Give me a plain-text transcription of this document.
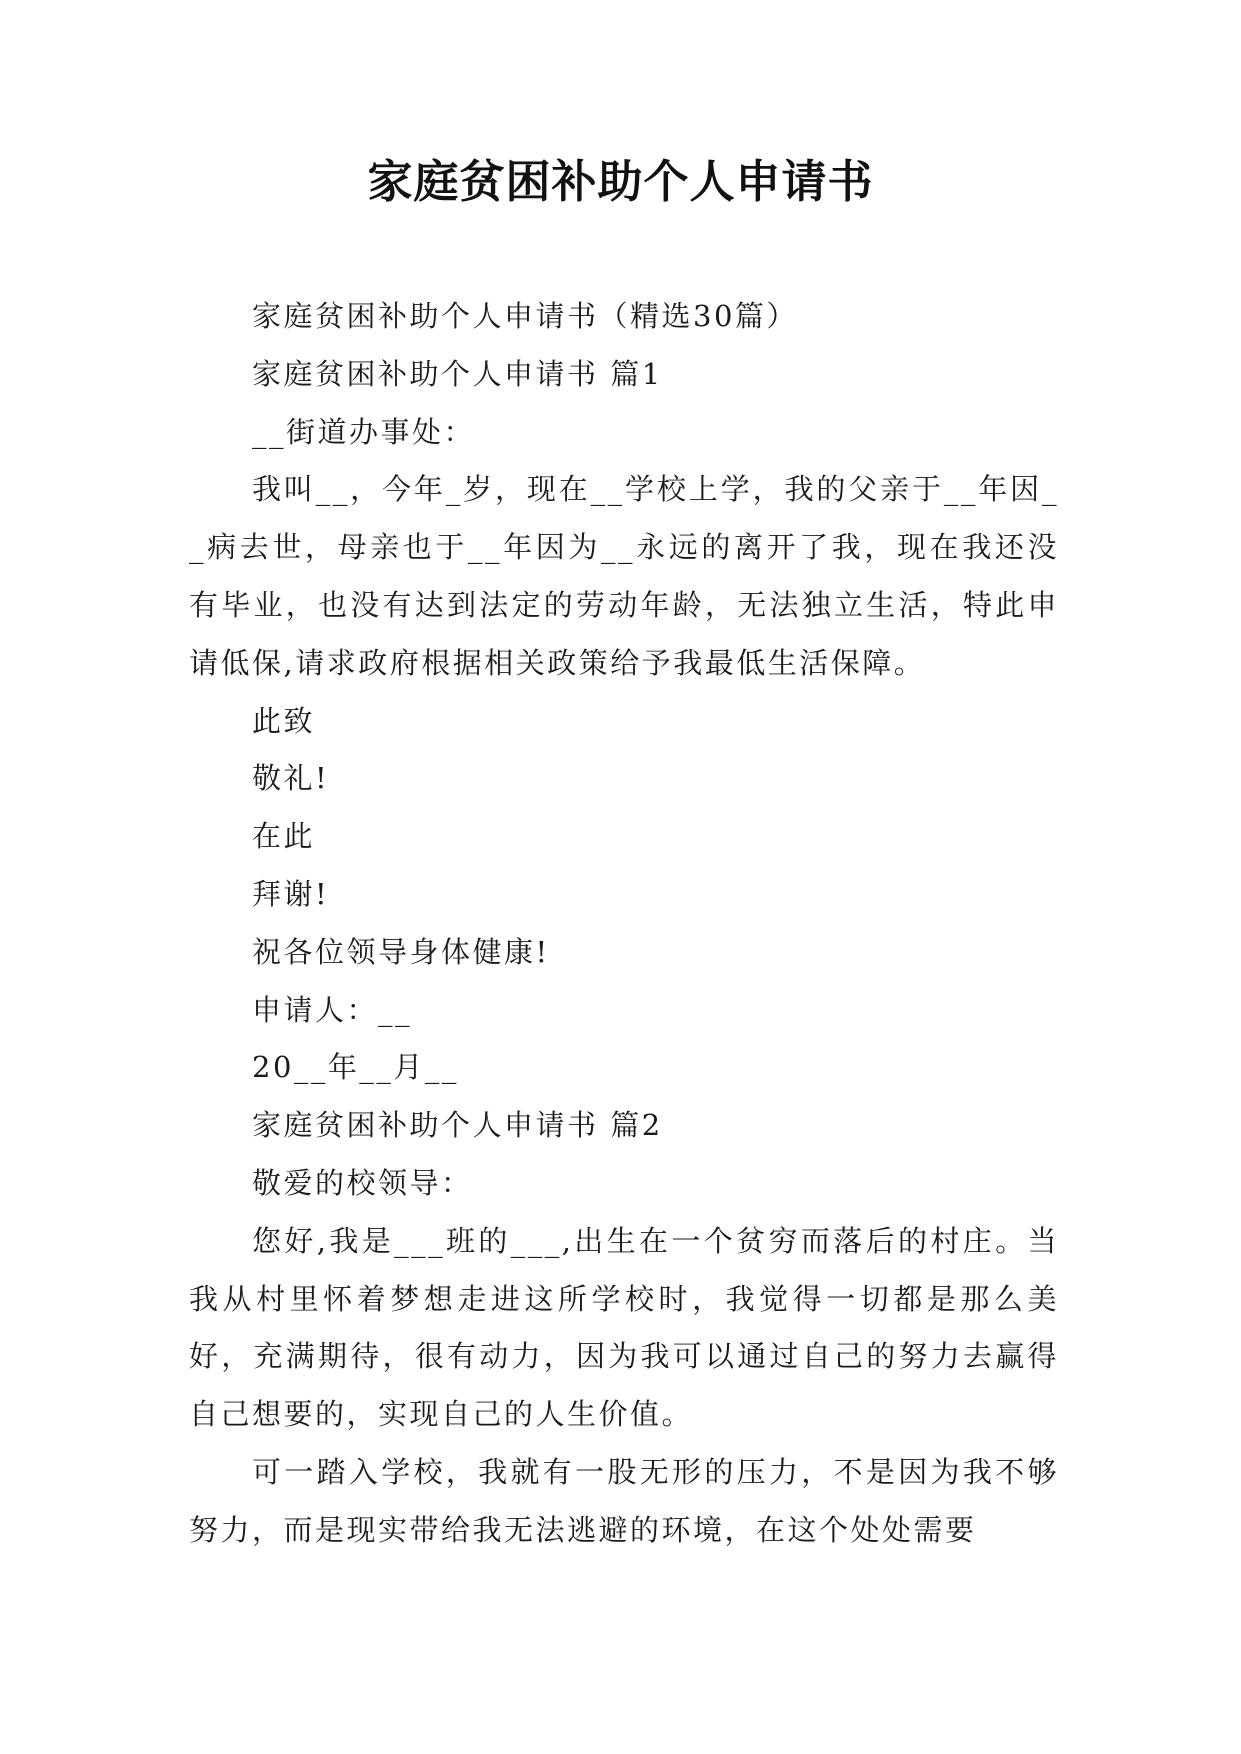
家庭贫困补助个人申请书

家庭贫困补助个人申请书（精选30篇）

家庭贫困补助个人申请书 篇1

__街道办事处：

我叫__，今年_岁，现在__学校上学，我的父亲于__年因__病去世，母亲也于__年因为__永远的离开了我，现在我还没有毕业，也没有达到法定的劳动年龄，无法独立生活，特此申请低保,请求政府根据相关政策给予我最低生活保障。

此致

敬礼!

在此

拜谢!

祝各位领导身体健康!

申请人：__

20__年__月__

家庭贫困补助个人申请书 篇2

敬爱的校领导：

您好,我是___班的___,出生在一个贫穷而落后的村庄。当我从村里怀着梦想走进这所学校时，我觉得一切都是那么美好，充满期待，很有动力，因为我可以通过自己的努力去赢得自己想要的，实现自己的人生价值。

可一踏入学校，我就有一股无形的压力，不是因为我不够努力，而是现实带给我无法逃避的环境，在这个处处需要
